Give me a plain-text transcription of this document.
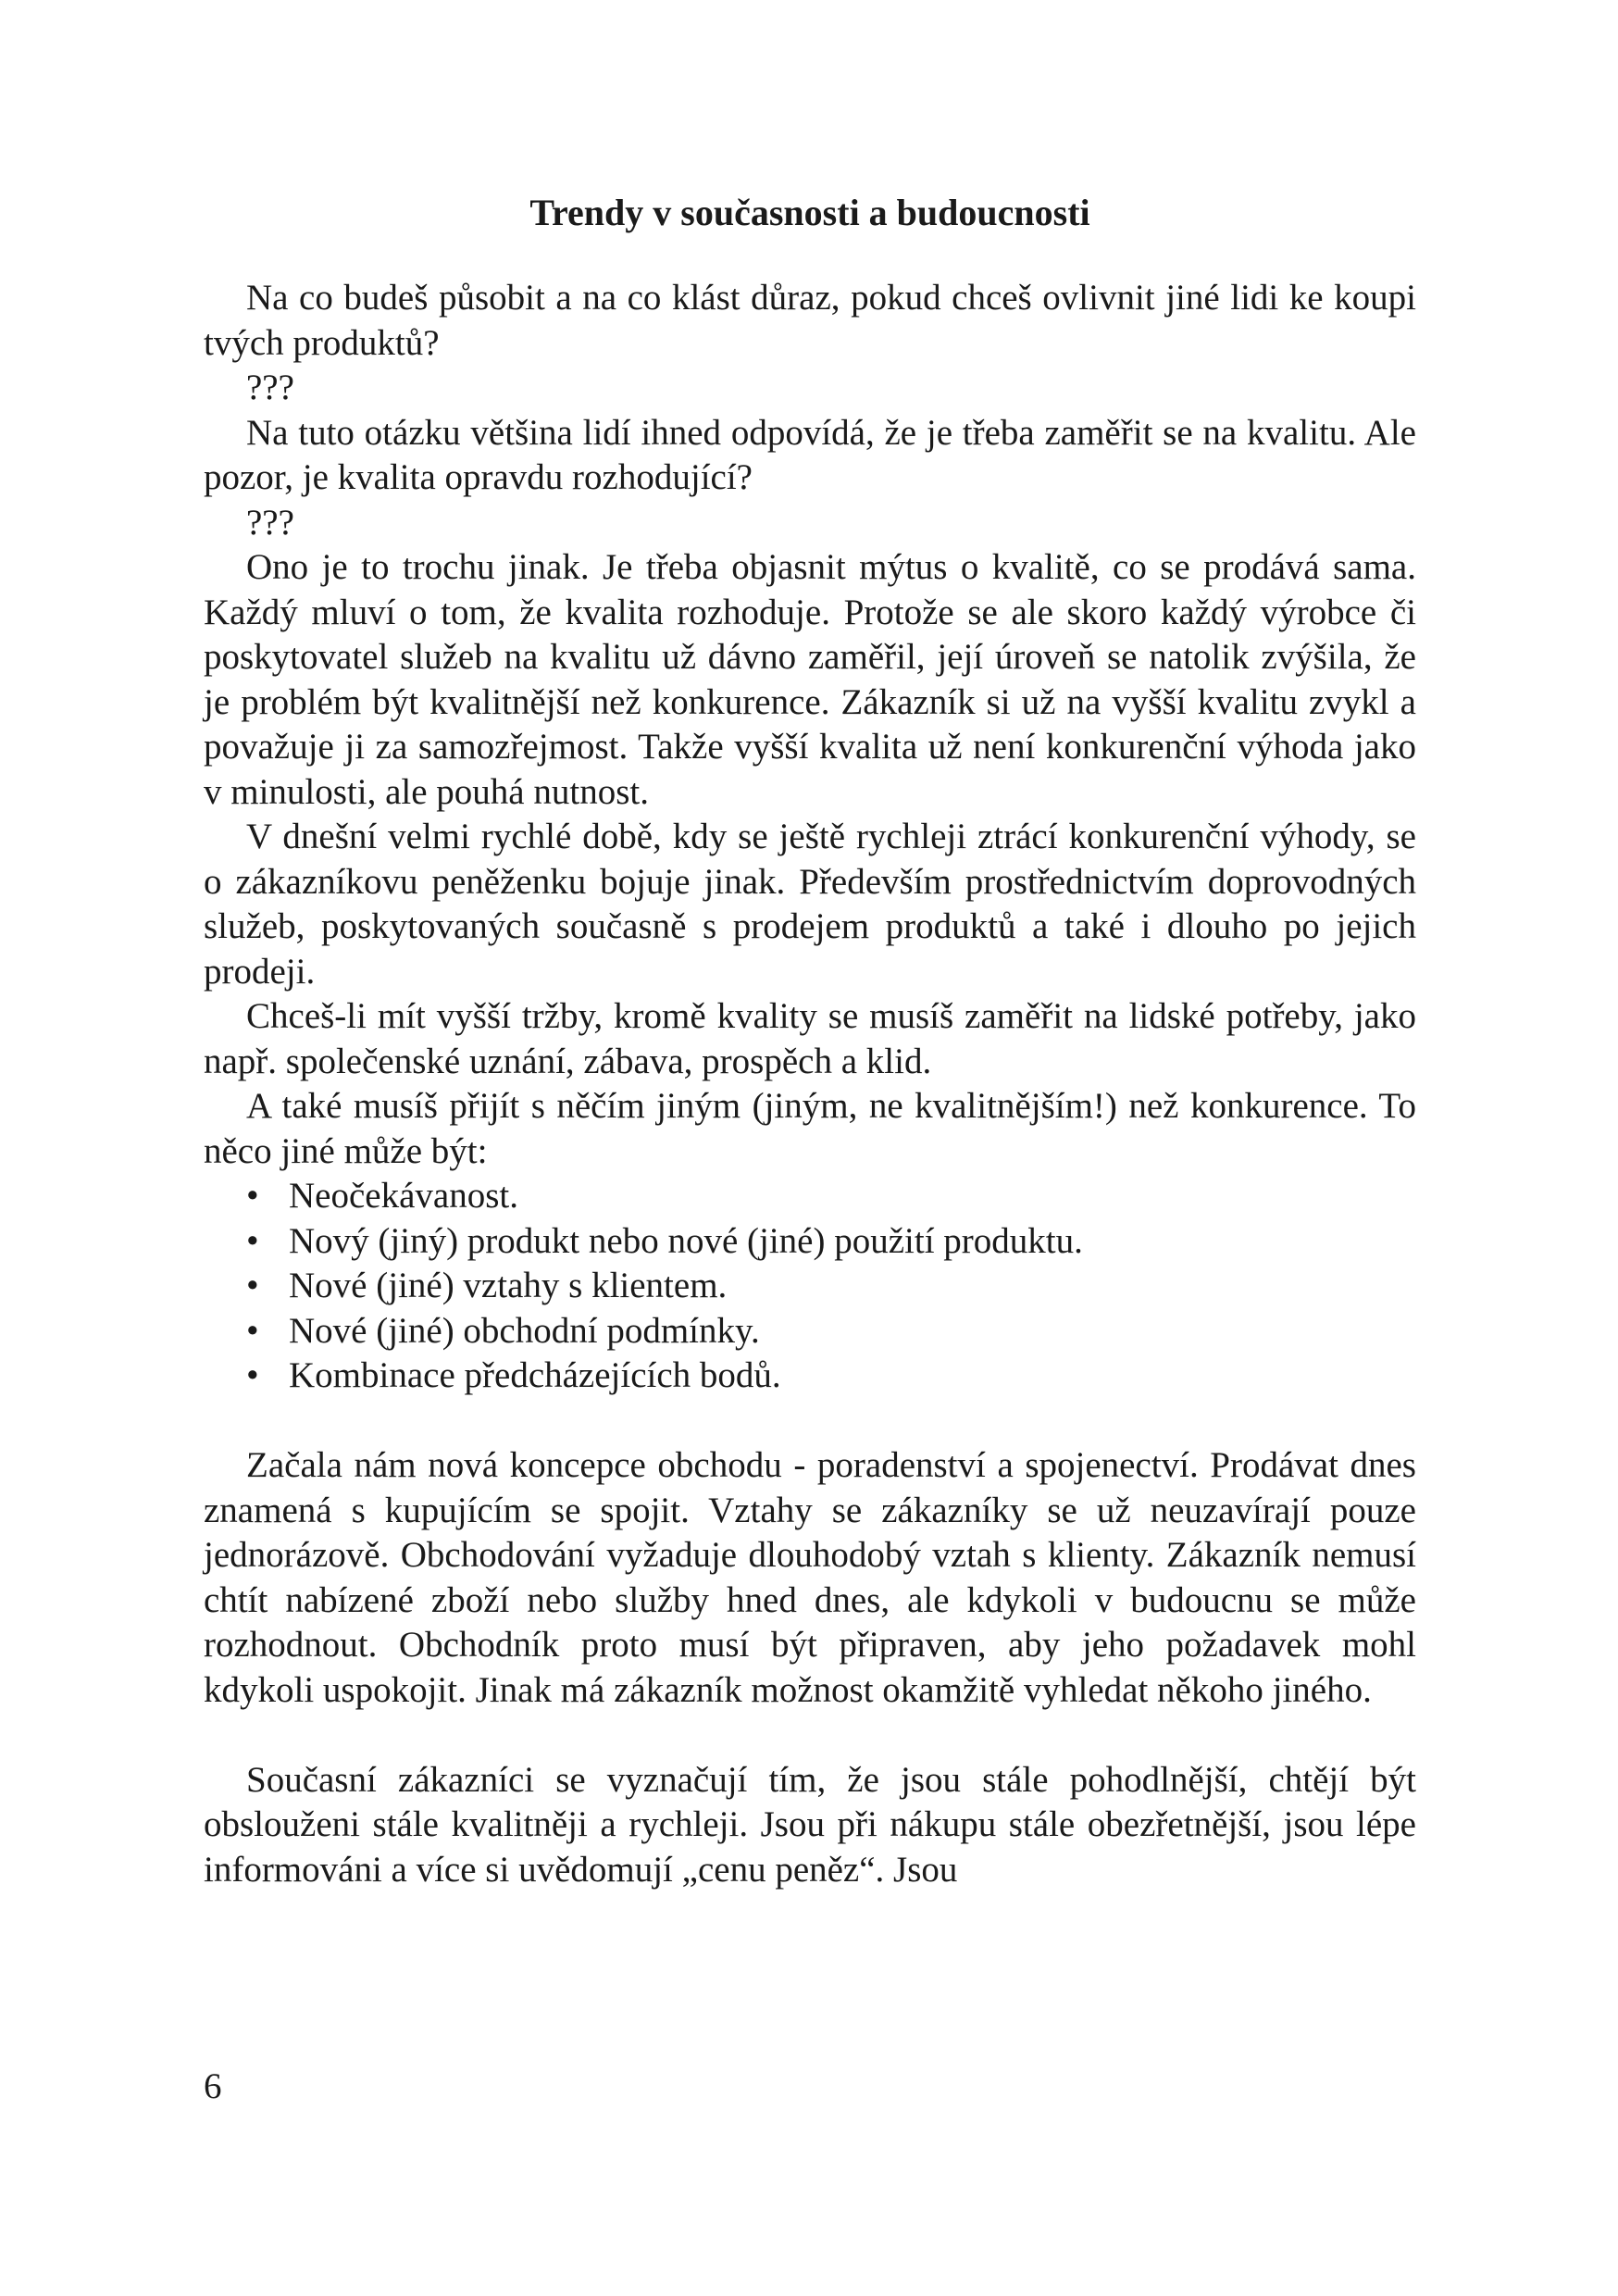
Trendy v současnosti a budoucnosti

Na co budeš působit a na co klást důraz, pokud chceš ovlivnit jiné lidi ke koupi tvých produktů?

???

Na tuto otázku většina lidí ihned odpovídá, že je třeba zaměřit se na kvalitu. Ale pozor, je kvalita opravdu rozhodující?

???

Ono je to trochu jinak. Je třeba objasnit mýtus o kvalitě, co se prodává sama. Každý mluví o tom, že kvalita rozhoduje. Protože se ale skoro každý výrobce či poskytovatel služeb na kvalitu už dávno zaměřil, její úroveň se natolik zvýšila, že je problém být kvalitnější než konkurence. Zákazník si už na vyšší kvalitu zvykl a považuje ji za samozřejmost. Takže vyšší kvalita už není konkurenční výhoda jako v minulosti, ale pouhá nutnost.

V dnešní velmi rychlé době, kdy se ještě rychleji ztrácí konkurenční výhody, se o zákazníkovu peněženku bojuje jinak. Především prostřednictvím doprovodných služeb, poskytovaných současně s prodejem produktů a také i dlouho po jejich prodeji.

Chceš-li mít vyšší tržby, kromě kvality se musíš zaměřit na lidské potřeby, jako např. společenské uznání, zábava, prospěch a klid.

A také musíš přijít s něčím jiným (jiným, ne kvalitnějším!) než konkurence. To něco jiné může být:

• Neočekávanost.
• Nový (jiný) produkt nebo nové (jiné) použití produktu.
• Nové (jiné) vztahy s klientem.
• Nové (jiné) obchodní podmínky.
• Kombinace předcházejících bodů.

Začala nám nová koncepce obchodu - poradenství a spojenectví. Prodávat dnes znamená s kupujícím se spojit. Vztahy se zákazníky se už neuzavírají pouze jednorázově. Obchodování vyžaduje dlouhodobý vztah s klienty. Zákazník nemusí chtít nabízené zboží nebo služby hned dnes, ale kdykoli v budoucnu se může rozhodnout. Obchodník proto musí být připraven, aby jeho požadavek mohl kdykoli uspokojit. Jinak má zákazník možnost okamžitě vyhledat někoho jiného.

Současní zákazníci se vyznačují tím, že jsou stále pohodlnější, chtějí být obslouženi stále kvalitněji a rychleji. Jsou při nákupu stále obezřetnější, jsou lépe informováni a více si uvědomují „cenu peněz“. Jsou

6
